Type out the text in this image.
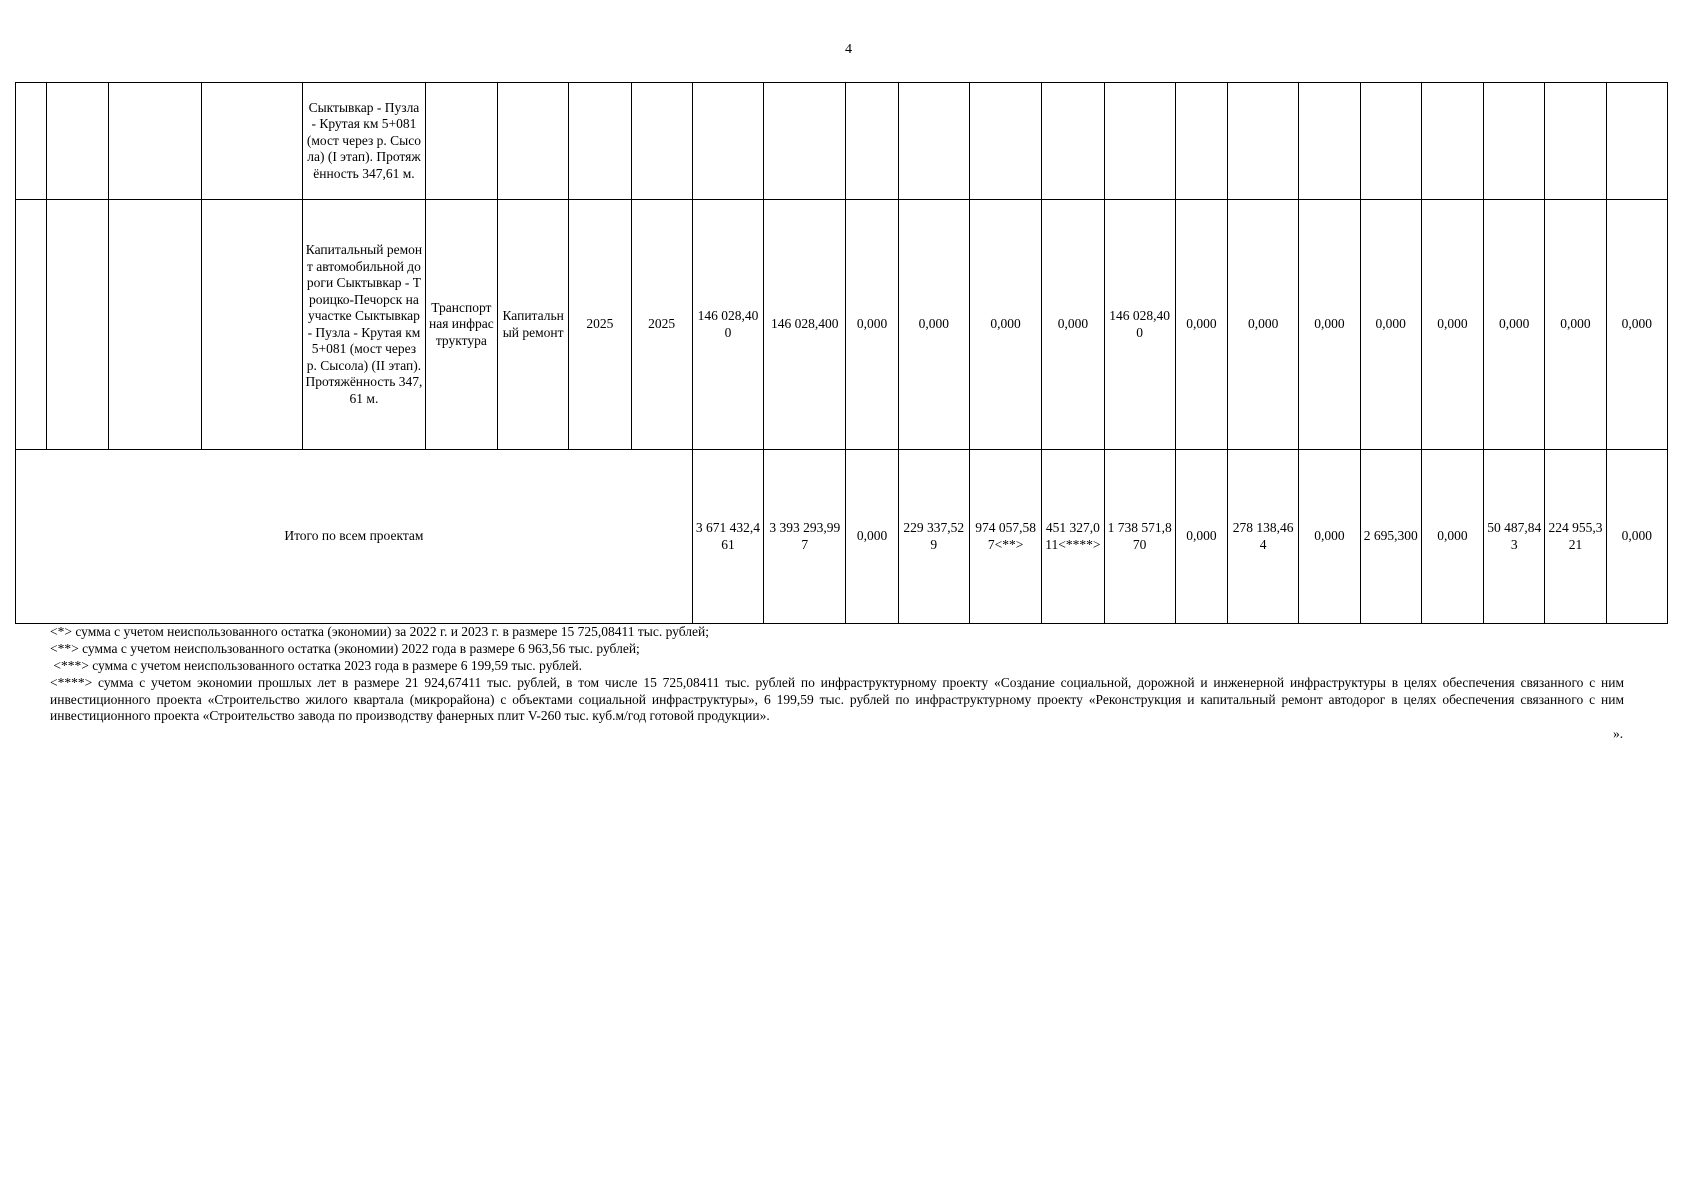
4
				Сыктывкар - Пузла - Крутая км 5+081 (мост через р. Сысола) (I этап). Протяжённость 347,61 м.																			
				Капитальный ремонт автомобильной дороги Сыктывкар - Троицко-Печорск на участке Сыктывкар - Пузла - Крутая км 5+081 (мост через р. Сысола) (II этап). Протяжённость 347,61 м.	Транспортная инфраструктура	Капитальный ремонт	2025	2025	146 028,400	146 028,400	0,000	0,000	0,000	0,000	146 028,400	0,000	0,000	0,000	0,000	0,000	0,000	0,000	0,000
Итого по всем проектам									3 671 432,461	3 393 293,997	0,000	229 337,529	974 057,587<**>	451 327,011<****>	1 738 571,870	0,000	278 138,464	0,000	2 695,300	0,000	50 487,843	224 955,321	0,000
<*> сумма с учетом неиспользованного остатка (экономии) за 2022 г. и 2023 г. в размере 15 725,08411 тыс. рублей;
<**> сумма с учетом неиспользованного остатка (экономии) 2022 года в размере 6 963,56 тыс. рублей;
<***> сумма с учетом неиспользованного остатка 2023 года в размере 6 199,59 тыс. рублей.
<****> сумма с учетом экономии прошлых лет в размере 21 924,67411 тыс. рублей, в том числе 15 725,08411 тыс. рублей по инфраструктурному проекту «Создание социальной, дорожной и инженерной инфраструктуры в целях обеспечения связанного с ним инвестиционного проекта «Строительство жилого квартала (микрорайона) с объектами социальной инфраструктуры», 6 199,59 тыс. рублей по инфраструктурному проекту «Реконструкция и капитальный ремонт автодорог в целях обеспечения связанного с ним инвестиционного проекта «Строительство завода по производству фанерных плит V-260 тыс. куб.м/год готовой продукции».
».
